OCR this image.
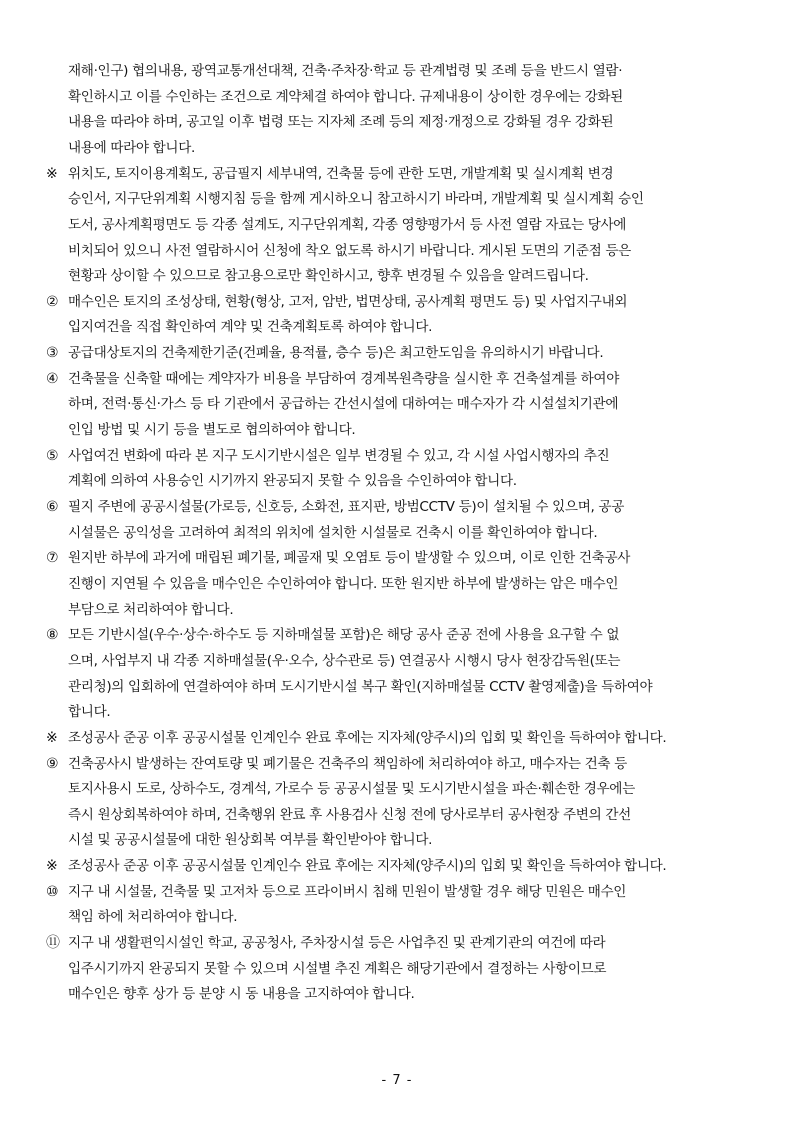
재해·인구) 협의내용, 광역교통개선대책, 건축·주차장·학교 등 관계법령 및 조례 등을 반드시 열람·
확인하시고 이를 수인하는 조건으로 계약체결 하여야 합니다. 규제내용이 상이한 경우에는 강화된
내용을 따라야 하며, 공고일 이후 법령 또는 지자체 조례 등의 제정·개정으로 강화될 경우 강화된
내용에 따라야 합니다.
※ 위치도, 토지이용계획도, 공급필지 세부내역, 건축물 등에 관한 도면, 개발계획 및 실시계획 변경
승인서, 지구단위계획 시행지침 등을 함께 게시하오니 참고하시기 바라며, 개발계획 및 실시계획 승인
도서, 공사계획평면도 등 각종 설계도, 지구단위계획, 각종 영향평가서 등 사전 열람 자료는 당사에
비치되어 있으니 사전 열람하시어 신청에 착오 없도록 하시기 바랍니다. 게시된 도면의 기준점 등은
현황과 상이할 수 있으므로 참고용으로만 확인하시고, 향후 변경될 수 있음을 알려드립니다.
② 매수인은 토지의 조성상태, 현황(형상, 고저, 암반, 법면상태, 공사계획 평면도 등) 및 사업지구내외
입지여건을 직접 확인하여 계약 및 건축계획토록 하여야 합니다.
③ 공급대상토지의 건축제한기준(건폐율, 용적률, 층수 등)은 최고한도임을 유의하시기 바랍니다.
④ 건축물을 신축할 때에는 계약자가 비용을 부담하여 경계복원측량을 실시한 후 건축설계를 하여야
하며, 전력·통신·가스 등 타 기관에서 공급하는 간선시설에 대하여는 매수자가 각 시설설치기관에
인입 방법 및 시기 등을 별도로 협의하여야 합니다.
⑤ 사업여건 변화에 따라 본 지구 도시기반시설은 일부 변경될 수 있고, 각 시설 사업시행자의 추진
계획에 의하여 사용승인 시기까지 완공되지 못할 수 있음을 수인하여야 합니다.
⑥ 필지 주변에 공공시설물(가로등, 신호등, 소화전, 표지판, 방범CCTV 등)이 설치될 수 있으며, 공공
시설물은 공익성을 고려하여 최적의 위치에 설치한 시설물로 건축시 이를 확인하여야 합니다.
⑦ 원지반 하부에 과거에 매립된 폐기물, 폐골재 및 오염토 등이 발생할 수 있으며, 이로 인한 건축공사
진행이 지연될 수 있음을 매수인은 수인하여야 합니다. 또한 원지반 하부에 발생하는 암은 매수인
부담으로 처리하여야 합니다.
⑧ 모든 기반시설(우수·상수·하수도 등 지하매설물 포함)은 해당 공사 준공 전에 사용을 요구할 수 없
으며, 사업부지 내 각종 지하매설물(우·오수, 상수관로 등) 연결공사 시행시 당사 현장감독원(또는
관리청)의 입회하에 연결하여야 하며 도시기반시설 복구 확인(지하매설물 CCTV 촬영제출)을 득하여야
합니다.
※ 조성공사 준공 이후 공공시설물 인계인수 완료 후에는 지자체(양주시)의 입회 및 확인을 득하여야 합니다.
⑨ 건축공사시 발생하는 잔여토량 및 폐기물은 건축주의 책임하에 처리하여야 하고, 매수자는 건축 등
토지사용시 도로, 상하수도, 경계석, 가로수 등 공공시설물 및 도시기반시설을 파손·훼손한 경우에는
즉시 원상회복하여야 하며, 건축행위 완료 후 사용검사 신청 전에 당사로부터 공사현장 주변의 간선
시설 및 공공시설물에 대한 원상회복 여부를 확인받아야 합니다.
※ 조성공사 준공 이후 공공시설물 인계인수 완료 후에는 지자체(양주시)의 입회 및 확인을 득하여야 합니다.
⑩ 지구 내 시설물, 건축물 및 고저차 등으로 프라이버시 침해 민원이 발생할 경우 해당 민원은 매수인
책임 하에 처리하여야 합니다.
⑪ 지구 내 생활편익시설인 학교, 공공청사, 주차장시설 등은 사업추진 및 관계기관의 여건에 따라
입주시기까지 완공되지 못할 수 있으며 시설별 추진 계획은 해당기관에서 결정하는 사항이므로
매수인은 향후 상가 등 분양 시 동 내용을 고지하여야 합니다.
- 7 -
